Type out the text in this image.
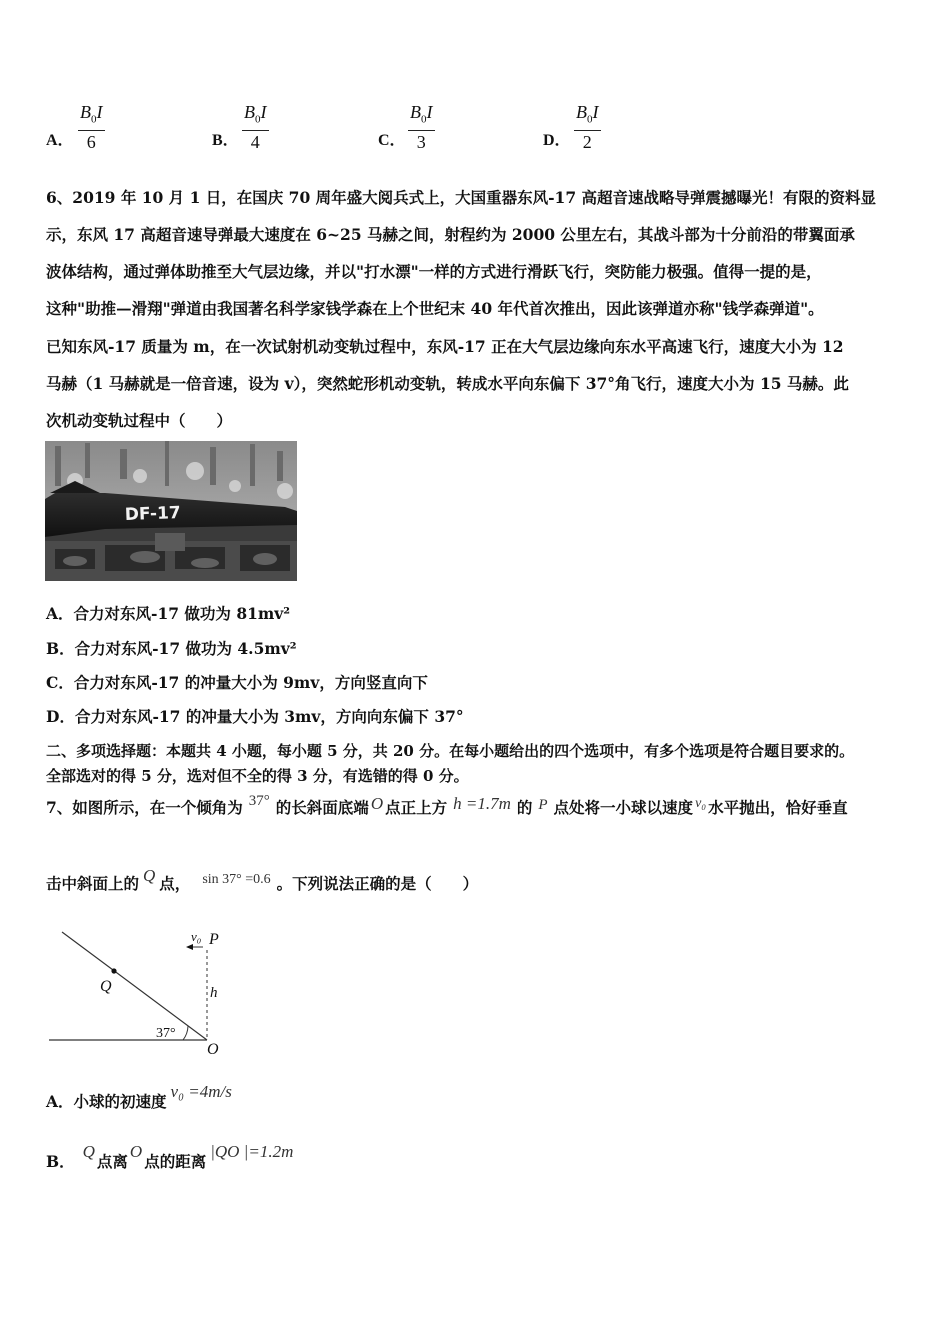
A． $\frac{B_0I}{6}$	B． $\frac{B_0I}{4}$	C． $\frac{B_0I}{3}$	D． $\frac{B_0I}{2}$
6、2019 年 10 月 1 日，在国庆 70 周年盛大阅兵式上，大国重器东风-17 高超音速战略导弹震撼曝光！有限的资料显
示，东风 17 高超音速导弹最大速度在 6~25 马赫之间，射程约为 2000 公里左右，其战斗部为十分前沿的带翼面承
波体结构，通过弹体助推至大气层边缘，并以"打水漂"一样的方式进行滑跃飞行，突防能力极强。值得一提的是，
这种"助推—滑翔"弹道由我国著名科学家钱学森在上个世纪末 40 年代首次推出，因此该弹道亦称"钱学森弹道"。
已知东风-17 质量为 m，在一次试射机动变轨过程中，东风-17 正在大气层边缘向东水平高速飞行，速度大小为 12
马赫（1 马赫就是一倍音速，设为 v），突然蛇形机动变轨，转成水平向东偏下 37°角飞行，速度大小为 15 马赫。此
次机动变轨过程中（　　）
DF-17
A．合力对东风-17 做功为 81mv²
B．合力对东风-17 做功为 4.5mv²
C．合力对东风-17 的冲量大小为 9mv，方向竖直向下
D．合力对东风-17 的冲量大小为 3mv，方向向东偏下 37°
二、多项选择题：本题共 4 小题，每小题 5 分，共 20 分。在每小题给出的四个选项中，有多个选项是符合题目要求的。
全部选对的得 5 分，选对但不全的得 3 分，有选错的得 0 分。
7、如图所示，在一个倾角为 37° 的长斜面底端 O 点正上方 h =1.7m 的 P 点处将一小球以速度 v₀ 水平抛出，恰好垂直
击中斜面上的 Q 点， sin 37° =0.6 。下列说法正确的是（　　）
v₀ P
Q	h
37°
O
A．小球的初速度v₀ =4m/s
B．Q点离O点的距离|QO |=1.2m
